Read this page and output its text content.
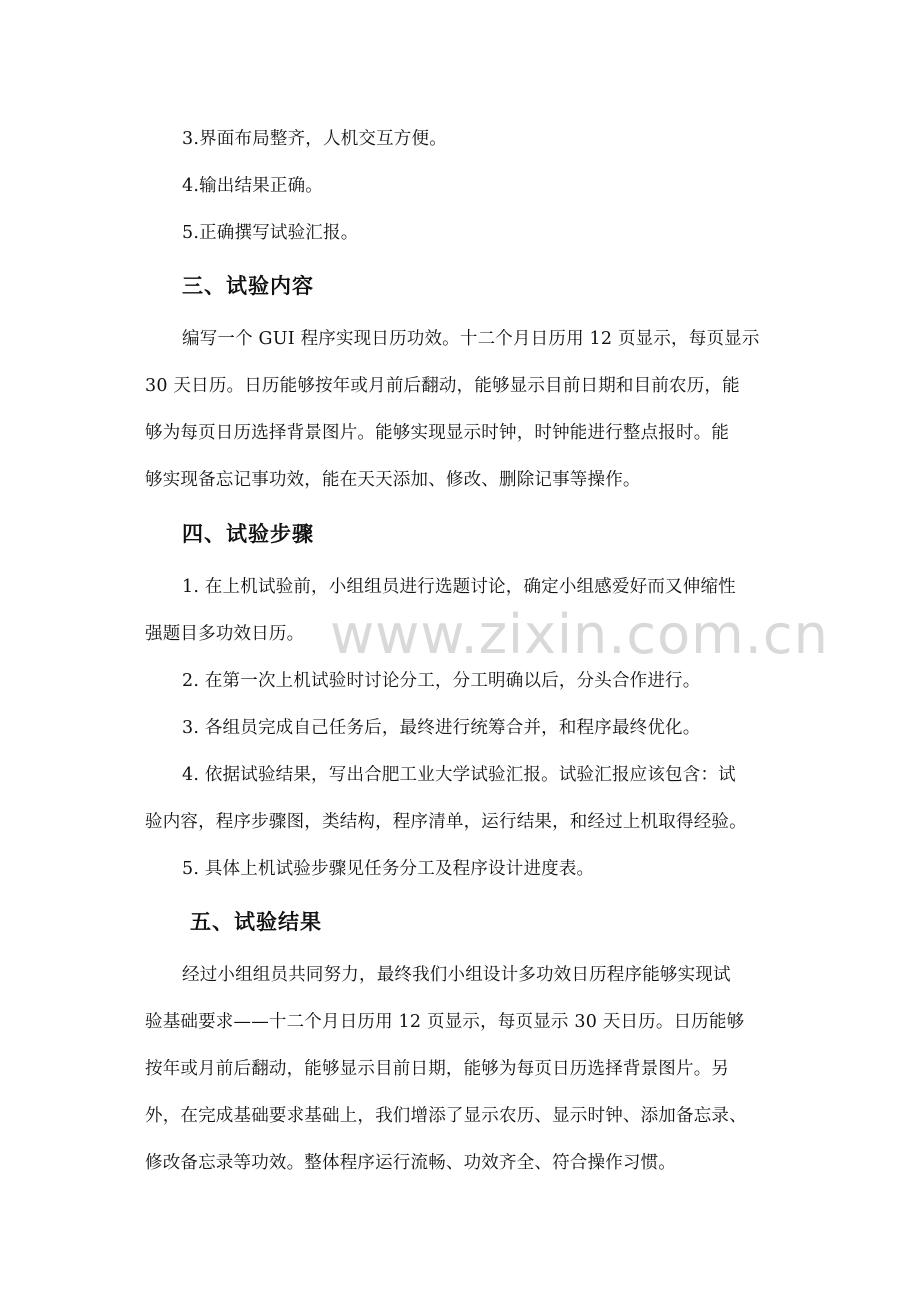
3.界面布局整齐，人机交互方便。
4.输出结果正确。
5.正确撰写试验汇报。
三、试验内容
编写一个 GUI 程序实现日历功效。十二个月日历用 12 页显示，每页显示
30 天日历。日历能够按年或月前后翻动，能够显示目前日期和目前农历，能
够为每页日历选择背景图片。能够实现显示时钟，时钟能进行整点报时。能
够实现备忘记事功效，能在天天添加、修改、删除记事等操作。
四、试验步骤
1. 在上机试验前，小组组员进行选题讨论，确定小组感爱好而又伸缩性
强题目多功效日历。
2. 在第一次上机试验时讨论分工，分工明确以后，分头合作进行。
3. 各组员完成自己任务后，最终进行统筹合并，和程序最终优化。
4. 依据试验结果，写出合肥工业大学试验汇报。试验汇报应该包含：试
验内容，程序步骤图，类结构，程序清单，运行结果，和经过上机取得经验。
5. 具体上机试验步骤见任务分工及程序设计进度表。
五、试验结果
经过小组组员共同努力，最终我们小组设计多功效日历程序能够实现试
验基础要求——十二个月日历用 12 页显示，每页显示 30 天日历。日历能够
按年或月前后翻动，能够显示目前日期，能够为每页日历选择背景图片。另
外，在完成基础要求基础上，我们增添了显示农历、显示时钟、添加备忘录、
修改备忘录等功效。整体程序运行流畅、功效齐全、符合操作习惯。
www.zixin.com.cn
